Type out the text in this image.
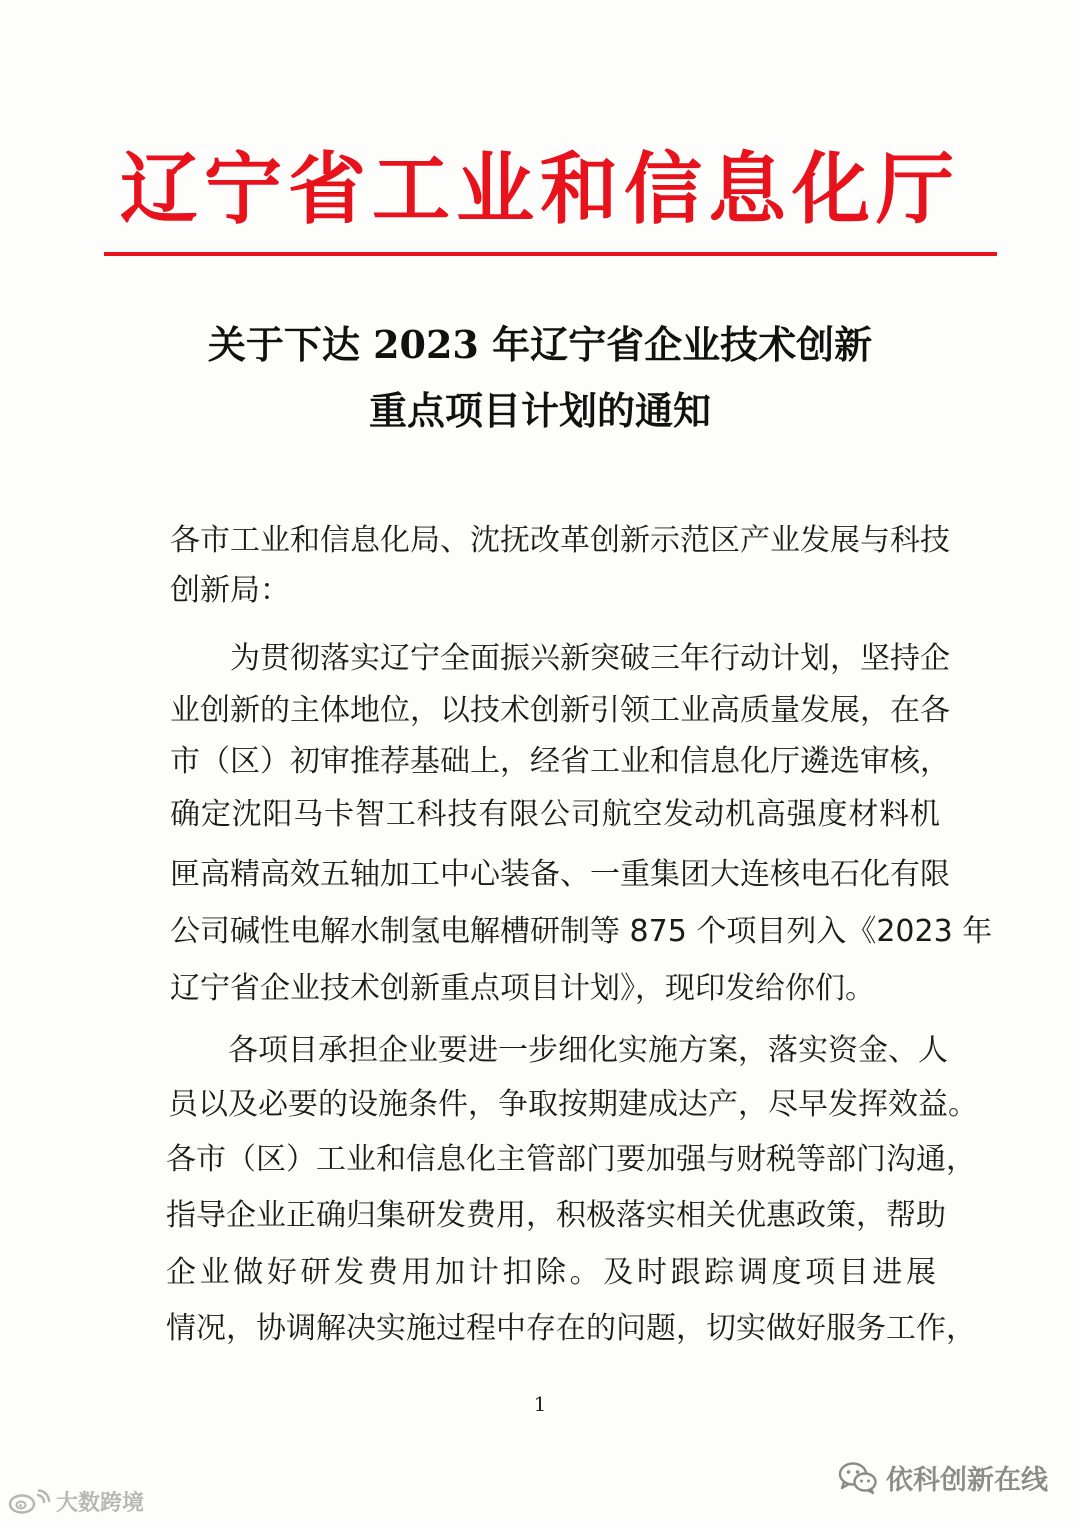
辽宁省工业和信息化厅
关于下达 2023 年辽宁省企业技术创新
重点项目计划的通知
各市工业和信息化局、沈抚改革创新示范区产业发展与科技
创新局：
为贯彻落实辽宁全面振兴新突破三年行动计划，坚持企
业创新的主体地位，以技术创新引领工业高质量发展，在各
市（区）初审推荐基础上，经省工业和信息化厅遴选审核，
确定沈阳马卡智工科技有限公司航空发动机高强度材料机
匣高精高效五轴加工中心装备、一重集团大连核电石化有限
公司碱性电解水制氢电解槽研制等 875 个项目列入《2023 年
辽宁省企业技术创新重点项目计划》，现印发给你们。
各项目承担企业要进一步细化实施方案，落实资金、人
员以及必要的设施条件，争取按期建成达产，尽早发挥效益。
各市（区）工业和信息化主管部门要加强与财税等部门沟通，
指导企业正确归集研发费用，积极落实相关优惠政策，帮助
企业做好研发费用加计扣除。及时跟踪调度项目进展
情况，协调解决实施过程中存在的问题，切实做好服务工作，
1
依科创新在线
大数跨境
